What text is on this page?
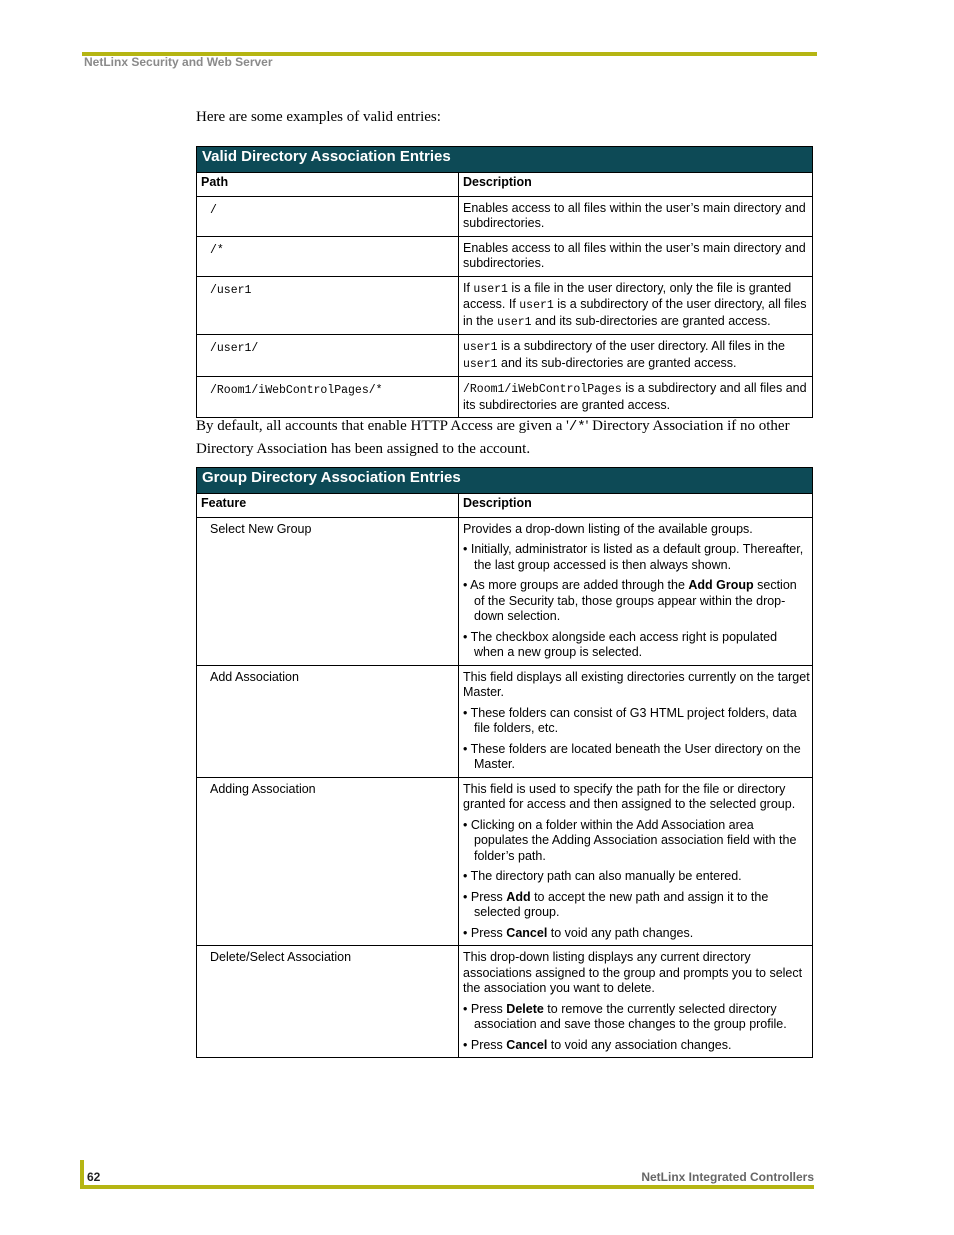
NetLinx Security and Web Server
Here are some examples of valid entries:
Valid Directory Association Entries	
Path	Description
/	Enables access to all files within the user’s main directory and subdirectories.
/*	Enables access to all files within the user’s main directory and subdirectories.
/user1	If user1 is a file in the user directory, only the file is granted access. If user1 is a subdirectory of the user directory, all files in the user1 and its sub-directories are granted access.
/user1/	user1 is a subdirectory of the user directory. All files in the user1 and its sub-directories are granted access.
/Room1/iWebControlPages/*	/Room1/iWebControlPages is a subdirectory and all files and its subdirectories are granted access.
By default, all accounts that enable HTTP Access are given a '/*' Directory Association if no other Directory Association has been assigned to the account.
Group Directory Association Entries	
Feature	Description
Select New Group	Provides a drop-down listing of the available groups.
• Initially, administrator is listed as a default group. Thereafter, the last group accessed is then always shown.
• As more groups are added through the Add Group section of the Security tab, those groups appear within the drop-down selection.
• The checkbox alongside each access right is populated when a new group is selected.

Add Association	This field displays all existing directories currently on the target Master.
• These folders can consist of G3 HTML project folders, data file folders, etc.
• These folders are located beneath the User directory on the Master.

Adding Association	This field is used to specify the path for the file or directory granted for access and then assigned to the selected group.
• Clicking on a folder within the Add Association area populates the Adding Association association field with the folder’s path.
• The directory path can also manually be entered.
• Press Add to accept the new path and assign it to the selected group.
• Press Cancel to void any path changes.

Delete/Select Association	This drop-down listing displays any current directory associations assigned to the group and prompts you to select the association you want to delete.
• Press Delete to remove the currently selected directory association and save those changes to the group profile.
• Press Cancel to void any association changes.
62	NetLinx Integrated Controllers
